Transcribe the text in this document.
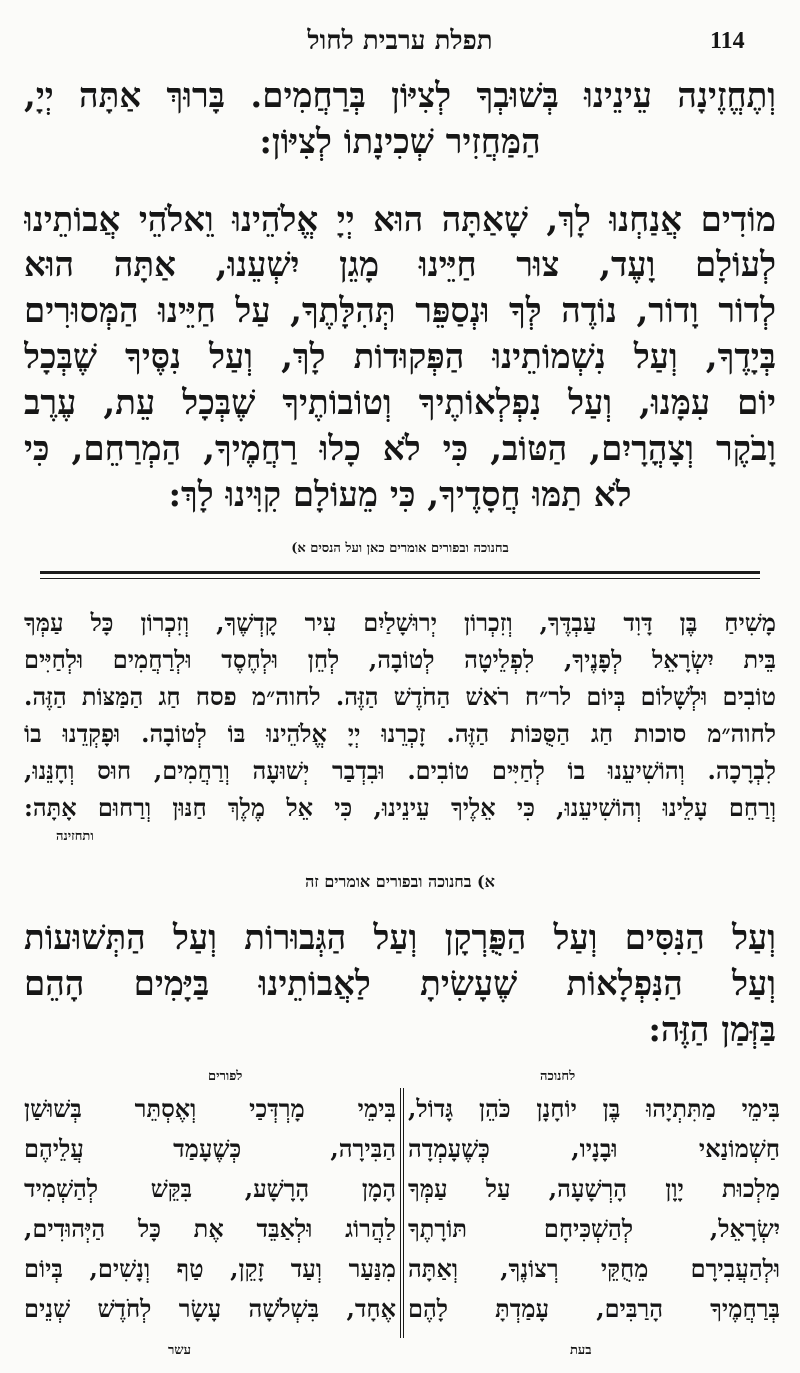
תפלת ערבית לחול	114
וְתֶחֱזֶינָה עֵינֵינוּ בְּשׁוּבְךָ לְצִיּוֹן בְּרַחֲמִים. בָּרוּךְ אַתָּה יְיָ,
הַמַּחֲזִיר שְׁכִינָתוֹ לְצִיּוֹן:
מוֹדִים אֲנַחְנוּ לָךְ, שָׁאַתָּה הוּא יְיָ אֱלֹהֵינוּ וֵאלֹהֵי אֲבוֹתֵינוּ
לְעוֹלָם וָעֶד, צוּר חַיֵּינוּ מָגֵן יִשְׁעֵנוּ, אַתָּה הוּא
לְדוֹר וָדוֹר, נוֹדֶה לְּךָ וּנְסַפֵּר תְּהִלָּתֶךָ, עַל חַיֵּינוּ הַמְּסוּרִים
בְּיָדֶךָ, וְעַל נִשְׁמוֹתֵינוּ הַפְּקוּדוֹת לָךְ, וְעַל נִסֶּיךָ שֶׁבְּכָל
יוֹם עִמָּנוּ, וְעַל נִפְלְאוֹתֶיךָ וְטוֹבוֹתֶיךָ שֶׁבְּכָל עֵת, עֶרֶב
וָבֹקֶר וְצָהֳרָיִם, הַטּוֹב, כִּי לֹא כָלוּ רַחֲמֶיךָ, הַמְרַחֵם, כִּי
לֹא תַמּוּ חֲסָדֶיךָ, כִּי מֵעוֹלָם קִוִּינוּ לָךְ:
בחנוכה ובפורים אומרים כאן ועל הנסים א)
מָשִׁיחַ בֶּן דָּוִד עַבְדֶּךָ, וְזִכְרוֹן יְרוּשָׁלַיִם עִיר קָדְשֶׁךָ, וְזִכְרוֹן כָּל עַמְּךָ
בֵּית יִשְׂרָאֵל לְפָנֶיךָ, לִפְלֵיטָה לְטוֹבָה, לְחֵן וּלְחֶסֶד וּלְרַחֲמִים וּלְחַיִּים
טוֹבִים וּלְשָׁלוֹם בְּיוֹם לר״ח רֹאשׁ הַחֹדֶשׁ הַזֶּה. לחוה״מ פסח חַג הַמַּצּוֹת הַזֶּה.
לחוה״מ סוכות חַג הַסֻּכּוֹת הַזֶּה. זָכְרֵנוּ יְיָ אֱלֹהֵינוּ בּוֹ לְטוֹבָה. וּפָקְדֵנוּ בוֹ
לִבְרָכָה. וְהוֹשִׁיעֵנוּ בוֹ לְחַיִּים טוֹבִים. וּבִדְבַר יְשׁוּעָה וְרַחֲמִים, חוּס וְחָנֵּנוּ,
וְרַחֵם עָלֵינוּ וְהוֹשִׁיעֵנוּ, כִּי אֵלֶיךָ עֵינֵינוּ, כִּי אֵל מֶלֶךְ חַנּוּן וְרַחוּם אָתָּה:
ותחזינה
א) בחנוכה ובפורים אומרים זה
וְעַל הַנִּסִּים וְעַל הַפֻּרְקָן וְעַל הַגְּבוּרוֹת וְעַל הַתְּשׁוּעוֹת
וְעַל הַנִּפְלָאוֹת שֶׁעָשִׂיתָ לַאֲבוֹתֵינוּ בַּיָּמִים הָהֵם
בַּזְּמַן הַזֶּה:
לחנוכה
לפורים
בִּימֵי מַתִּתְיָהוּ בֶּן יוֹחָנָן כֹּהֵן גָּדוֹל,
חַשְׁמוֹנַאי וּבָנָיו, כְּשֶׁעָמְדָה
מַלְכוּת יָוָן הָרְשָׁעָה, עַל עַמְּךָ
יִשְׂרָאֵל, לְהַשְׁכִּיחָם תּוֹרָתֶךָ
וּלְהַעֲבִירָם מֵחֻקֵּי רְצוֹנֶךָ, וְאַתָּה
בְּרַחֲמֶיךָ הָרַבִּים, עָמַדְתָּ לָהֶם
בִּימֵי מָרְדְּכַי וְאֶסְתֵּר בְּשׁוּשַׁן
הַבִּירָה, כְּשֶׁעָמַד עֲלֵיהֶם
הָמָן הָרָשָׁע, בִּקֵּשׁ לְהַשְׁמִיד
לַהֲרוֹג וּלְאַבֵּד אֶת כָּל הַיְּהוּדִים,
מִנַּעַר וְעַד זָקֵן, טַף וְנָשִׁים, בְּיוֹם
אֶחָד, בִּשְׁלֹשָׁה עָשָׂר לְחֹדֶשׁ שְׁנֵים
בעת
עשר
